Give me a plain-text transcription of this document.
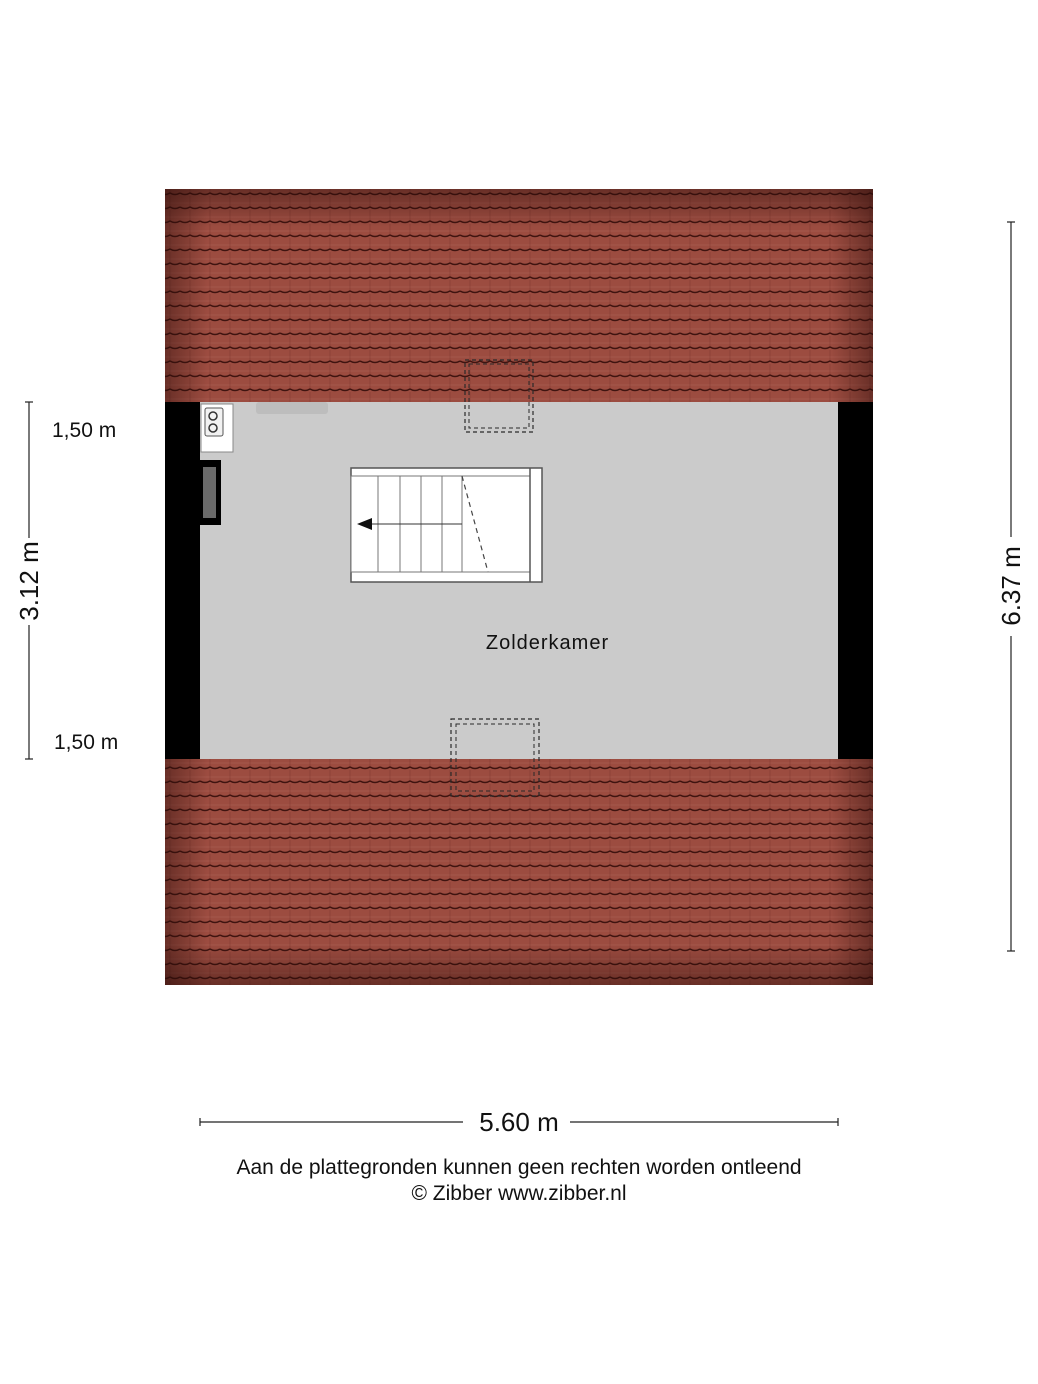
Zolderkamer
1,50 m
1,50 m
3.12 m	6.37 m
5.60 m
Aan de plattegronden kunnen geen rechten worden ontleend
© Zibber www.zibber.nl
